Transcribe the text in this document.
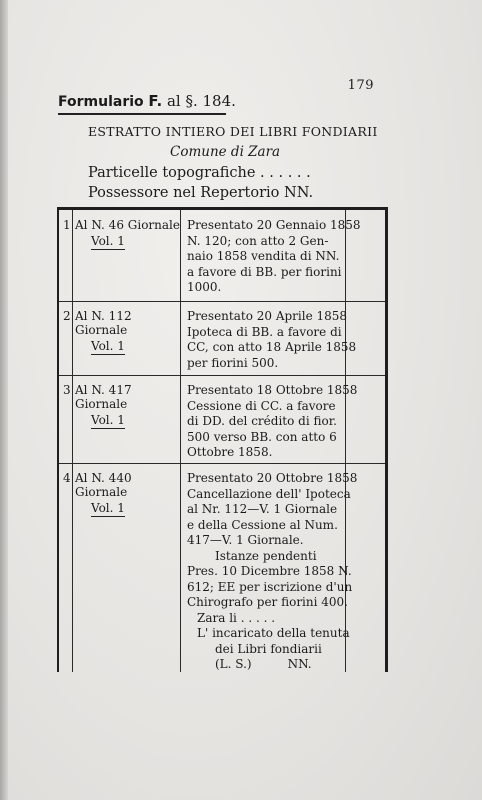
179
Formulario F. al §. 184.
ESTRATTO INTIERO DEI LIBRI FONDIARII
Comune di Zara
Particelle topografiche . . . . . .
Possessore nel Repertorio NN.
1 Al N. 46 Giornale
Vol. 1
Presentato 20 Gennaio 1858
N. 120; con atto 2 Gen-
naio 1858 vendita di NN.
a favore di BB. per fiorini
1000.
2 Al N. 112 Giornale
Vol. 1
Presentato 20 Aprile 1858
Ipoteca di BB. a favore di
CC, con atto 18 Aprile 1858
per fiorini 500.
3 Al N. 417 Giornale
Vol. 1
Presentato 18 Ottobre 1858
Cessione di CC. a favore
di DD. del crédito di fior.
500 verso BB. con atto 6
Ottobre 1858.
4 Al N. 440 Giornale
Vol. 1
Presentato 20 Ottobre 1858
Cancellazione dell' Ipoteca
al Nr. 112—V. 1 Giornale
e della Cessione al Num.
417—V. 1 Giornale.
Istanze pendenti
Pres. 10 Dicembre 1858 N.
612; EE per iscrizione d'un
Chirografo per fiorini 400.
Zara li . . . . .
L' incaricato della tenuta
dei Libri fondiarii
(L. S.)	NN.
